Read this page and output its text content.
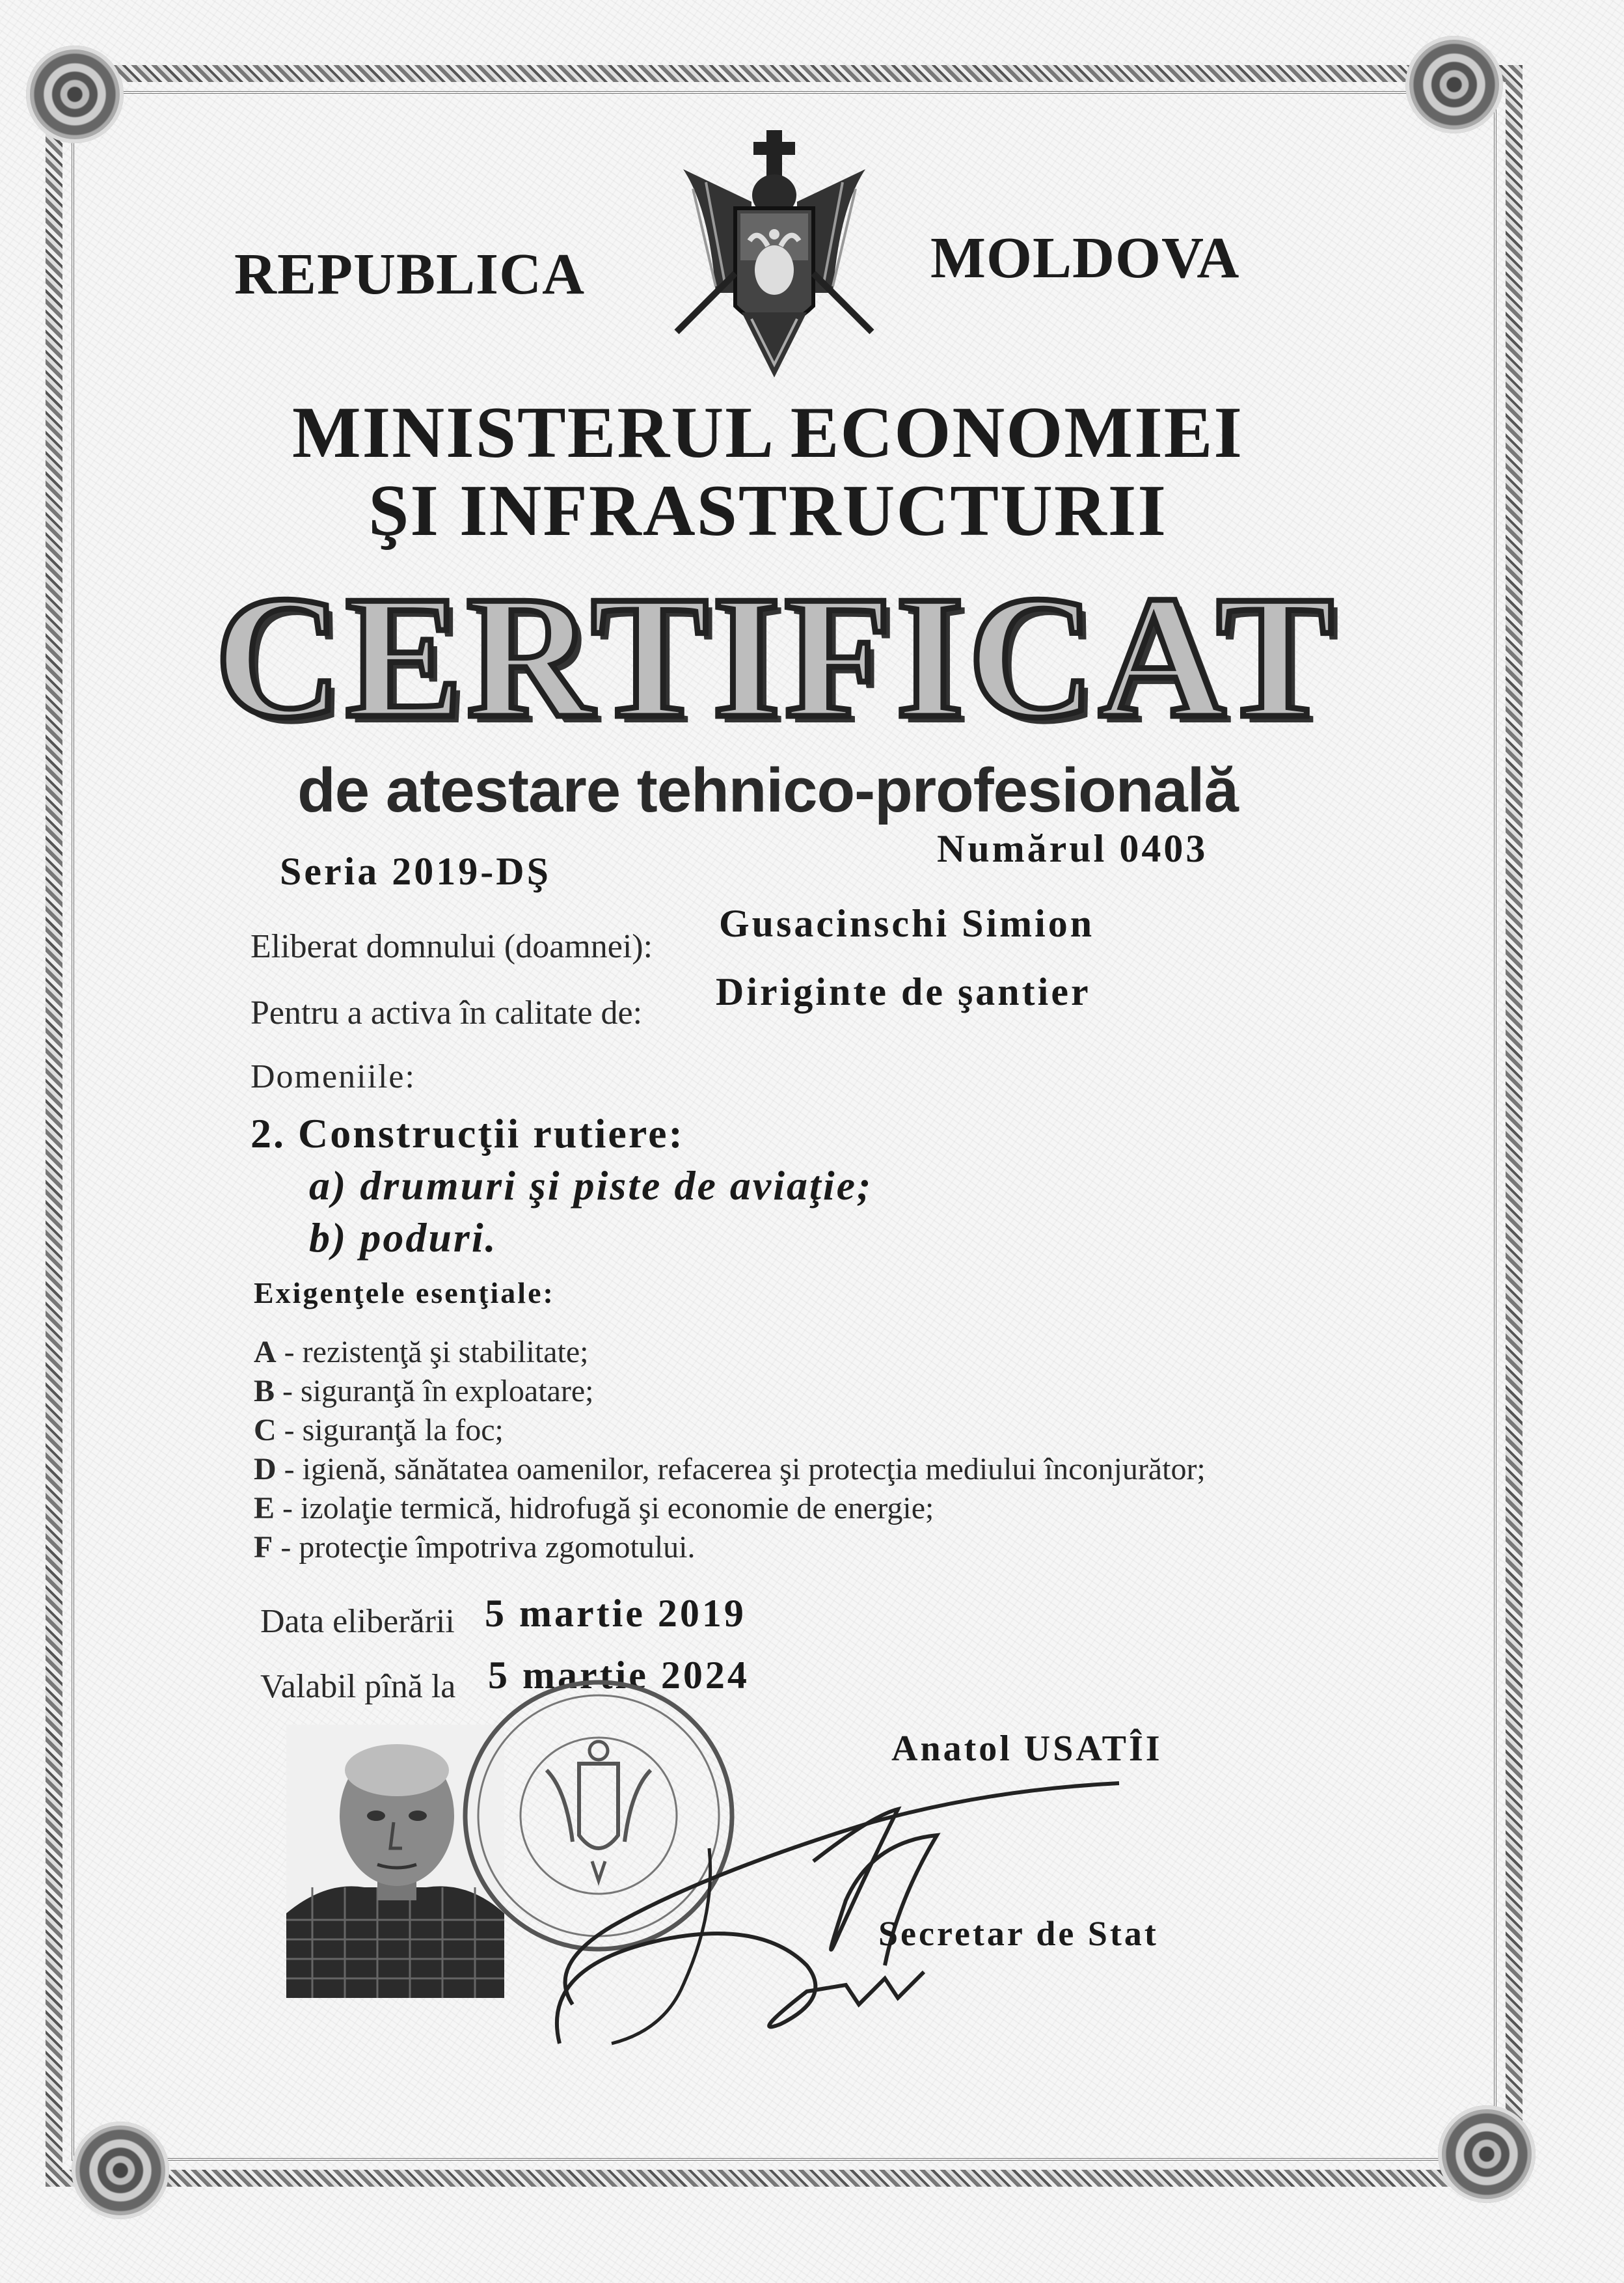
REPUBLICA	MOLDOVA
MINISTERUL ECONOMIEI
ŞI INFRASTRUCTURII
CERTIFICAT
de atestare tehnico-profesională
Seria 2019-DŞ
Numărul 0403
Eliberat domnului (doamnei):
Gusacinschi Simion
Pentru a activa în calitate de: Diriginte de şantier
Domeniile:
2. Construcţii rutiere:
a) drumuri şi piste de aviaţie;
b) poduri.
Exigenţele esenţiale:
A - rezistenţă şi stabilitate;
B - siguranţă în exploatare;
C - siguranţă la foc;
D - igienă, sănătatea oamenilor, refacerea şi protecţia mediului înconjurător;
E - izolaţie termică, hidrofugă şi economie de energie;
F - protecţie împotriva zgomotului.
Data eliberării 5 martie 2019
Valabil pînă la 5 martie 2024
Anatol USATÎI
Secretar de Stat
